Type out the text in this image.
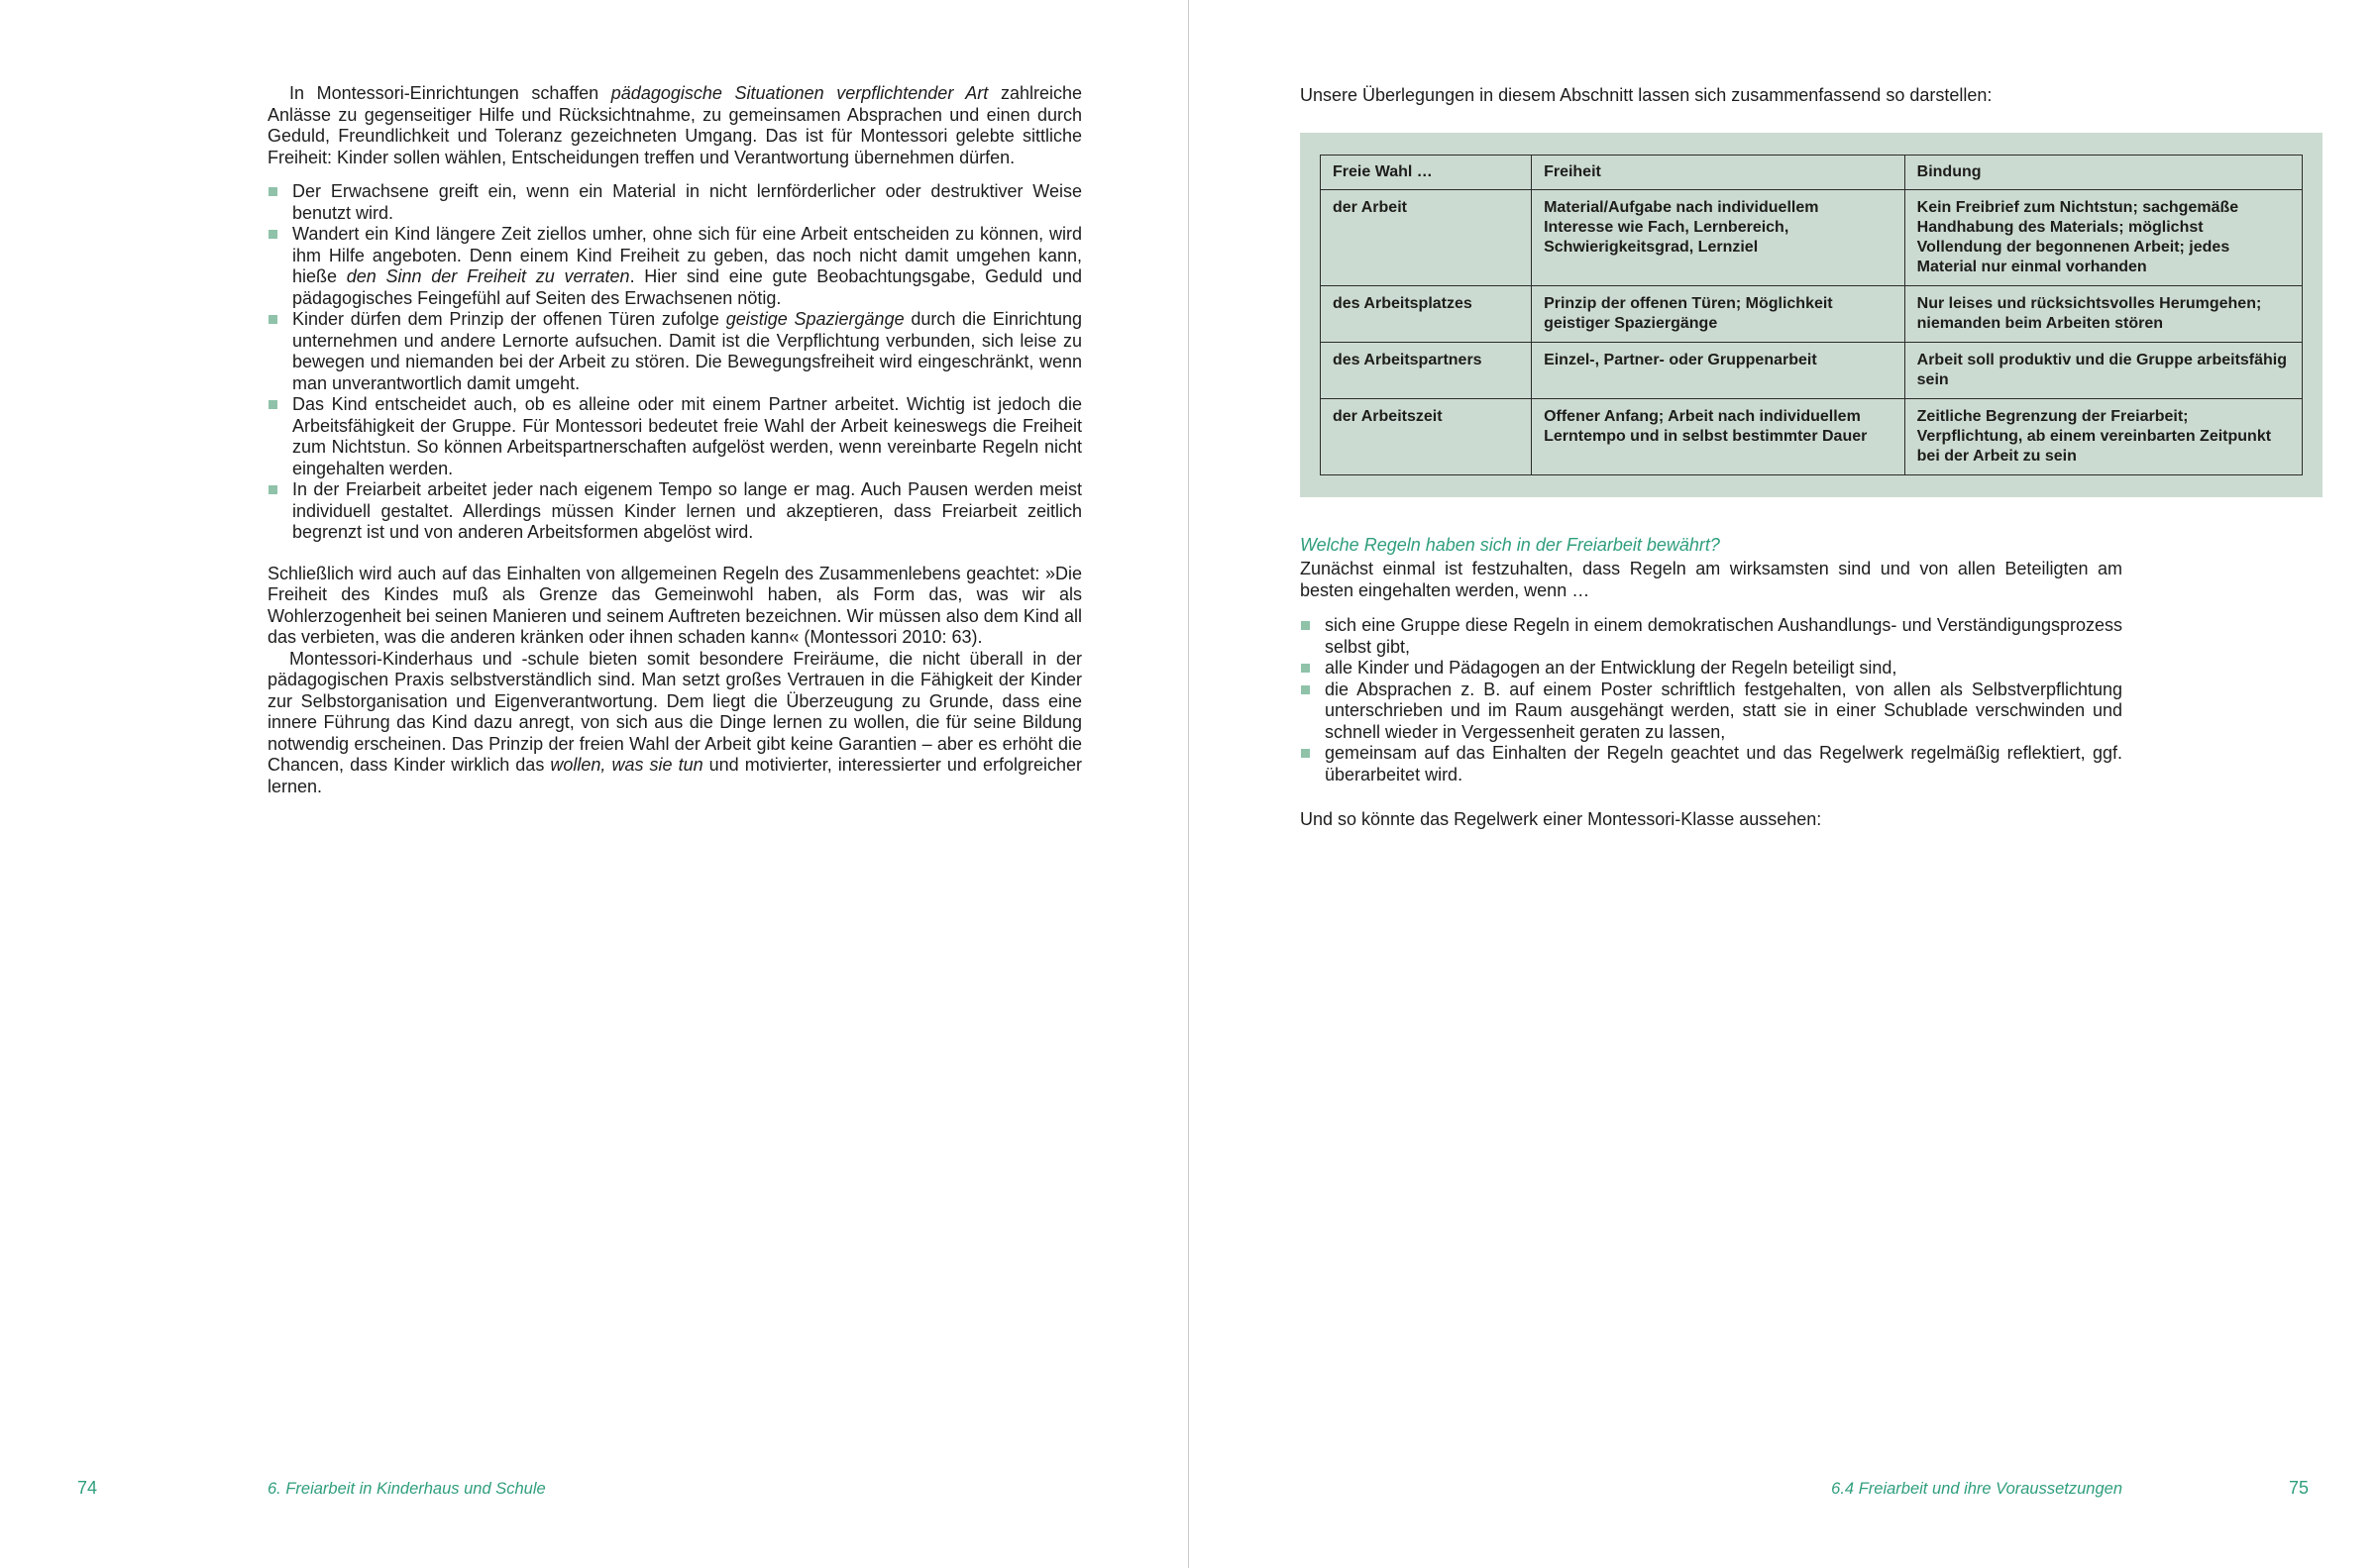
In Montessori-Einrichtungen schaffen pädagogische Situationen verpflichtender Art zahlreiche Anlässe zu gegenseitiger Hilfe und Rücksichtnahme, zu gemeinsamen Absprachen und einen durch Geduld, Freundlichkeit und Toleranz gezeichneten Umgang. Das ist für Montessori gelebte sittliche Freiheit: Kinder sollen wählen, Entscheidungen treffen und Verantwortung übernehmen dürfen.

Der Erwachsene greift ein, wenn ein Material in nicht lernförderlicher oder destruktiver Weise benutzt wird.
Wandert ein Kind längere Zeit ziellos umher, ohne sich für eine Arbeit entscheiden zu können, wird ihm Hilfe angeboten. Denn einem Kind Freiheit zu geben, das noch nicht damit umgehen kann, hieße den Sinn der Freiheit zu verraten. Hier sind eine gute Beobachtungsgabe, Geduld und pädagogisches Feingefühl auf Seiten des Erwachsenen nötig.
Kinder dürfen dem Prinzip der offenen Türen zufolge geistige Spaziergänge durch die Einrichtung unternehmen und andere Lernorte aufsuchen. Damit ist die Verpflichtung verbunden, sich leise zu bewegen und niemanden bei der Arbeit zu stören. Die Bewegungsfreiheit wird eingeschränkt, wenn man unverantwortlich damit umgeht.
Das Kind entscheidet auch, ob es alleine oder mit einem Partner arbeitet. Wichtig ist jedoch die Arbeitsfähigkeit der Gruppe. Für Montessori bedeutet freie Wahl der Arbeit keineswegs die Freiheit zum Nichtstun. So können Arbeitspartnerschaften aufgelöst werden, wenn vereinbarte Regeln nicht eingehalten werden.
In der Freiarbeit arbeitet jeder nach eigenem Tempo so lange er mag. Auch Pausen werden meist individuell gestaltet. Allerdings müssen Kinder lernen und akzeptieren, dass Freiarbeit zeitlich begrenzt ist und von anderen Arbeitsformen abgelöst wird.

Schließlich wird auch auf das Einhalten von allgemeinen Regeln des Zusammenlebens geachtet: »Die Freiheit des Kindes muß als Grenze das Gemeinwohl haben, als Form das, was wir als Wohlerzogenheit bei seinen Manieren und seinem Auftreten bezeichnen. Wir müssen also dem Kind all das verbieten, was die anderen kränken oder ihnen schaden kann« (Montessori 2010: 63).

Montessori-Kinderhaus und -schule bieten somit besondere Freiräume, die nicht überall in der pädagogischen Praxis selbstverständlich sind. Man setzt großes Vertrauen in die Fähigkeit der Kinder zur Selbstorganisation und Eigenverantwortung. Dem liegt die Überzeugung zu Grunde, dass eine innere Führung das Kind dazu anregt, von sich aus die Dinge lernen zu wollen, die für seine Bildung notwendig erscheinen. Das Prinzip der freien Wahl der Arbeit gibt keine Garantien – aber es erhöht die Chancen, dass Kinder wirklich das wollen, was sie tun und motivierter, interessierter und erfolgreicher lernen.

Unsere Überlegungen in diesem Abschnitt lassen sich zusammenfassend so darstellen:

Freie Wahl …	Freiheit	Bindung
der Arbeit	Material/Aufgabe nach individuellem Interesse wie Fach, Lernbereich, Schwierigkeitsgrad, Lernziel	Kein Freibrief zum Nichtstun; sachgemäße Handhabung des Materials; möglichst Vollendung der begonnenen Arbeit; jedes Material nur einmal vorhanden
des Arbeitsplatzes	Prinzip der offenen Türen; Möglichkeit geistiger Spaziergänge	Nur leises und rücksichtsvolles Herumgehen; niemanden beim Arbeiten stören
des Arbeitspartners	Einzel-, Partner- oder Gruppenarbeit	Arbeit soll produktiv und die Gruppe arbeitsfähig sein
der Arbeitszeit	Offener Anfang; Arbeit nach individuellem Lerntempo und in selbst bestimmter Dauer	Zeitliche Begrenzung der Freiarbeit; Verpflichtung, ab einem vereinbarten Zeitpunkt bei der Arbeit zu sein

Welche Regeln haben sich in der Freiarbeit bewährt?

Zunächst einmal ist festzuhalten, dass Regeln am wirksamsten sind und von allen Beteiligten am besten eingehalten werden, wenn …

sich eine Gruppe diese Regeln in einem demokratischen Aushandlungs- und Verständigungsprozess selbst gibt,
alle Kinder und Pädagogen an der Entwicklung der Regeln beteiligt sind,
die Absprachen z. B. auf einem Poster schriftlich festgehalten, von allen als Selbstverpflichtung unterschrieben und im Raum ausgehängt werden, statt sie in einer Schublade verschwinden und schnell wieder in Vergessenheit geraten zu lassen,
gemeinsam auf das Einhalten der Regeln geachtet und das Regelwerk regelmäßig reflektiert, ggf. überarbeitet wird.

Und so könnte das Regelwerk einer Montessori-Klasse aussehen:

74	6. Freiarbeit in Kinderhaus und Schule	6.4 Freiarbeit und ihre Voraussetzungen	75
